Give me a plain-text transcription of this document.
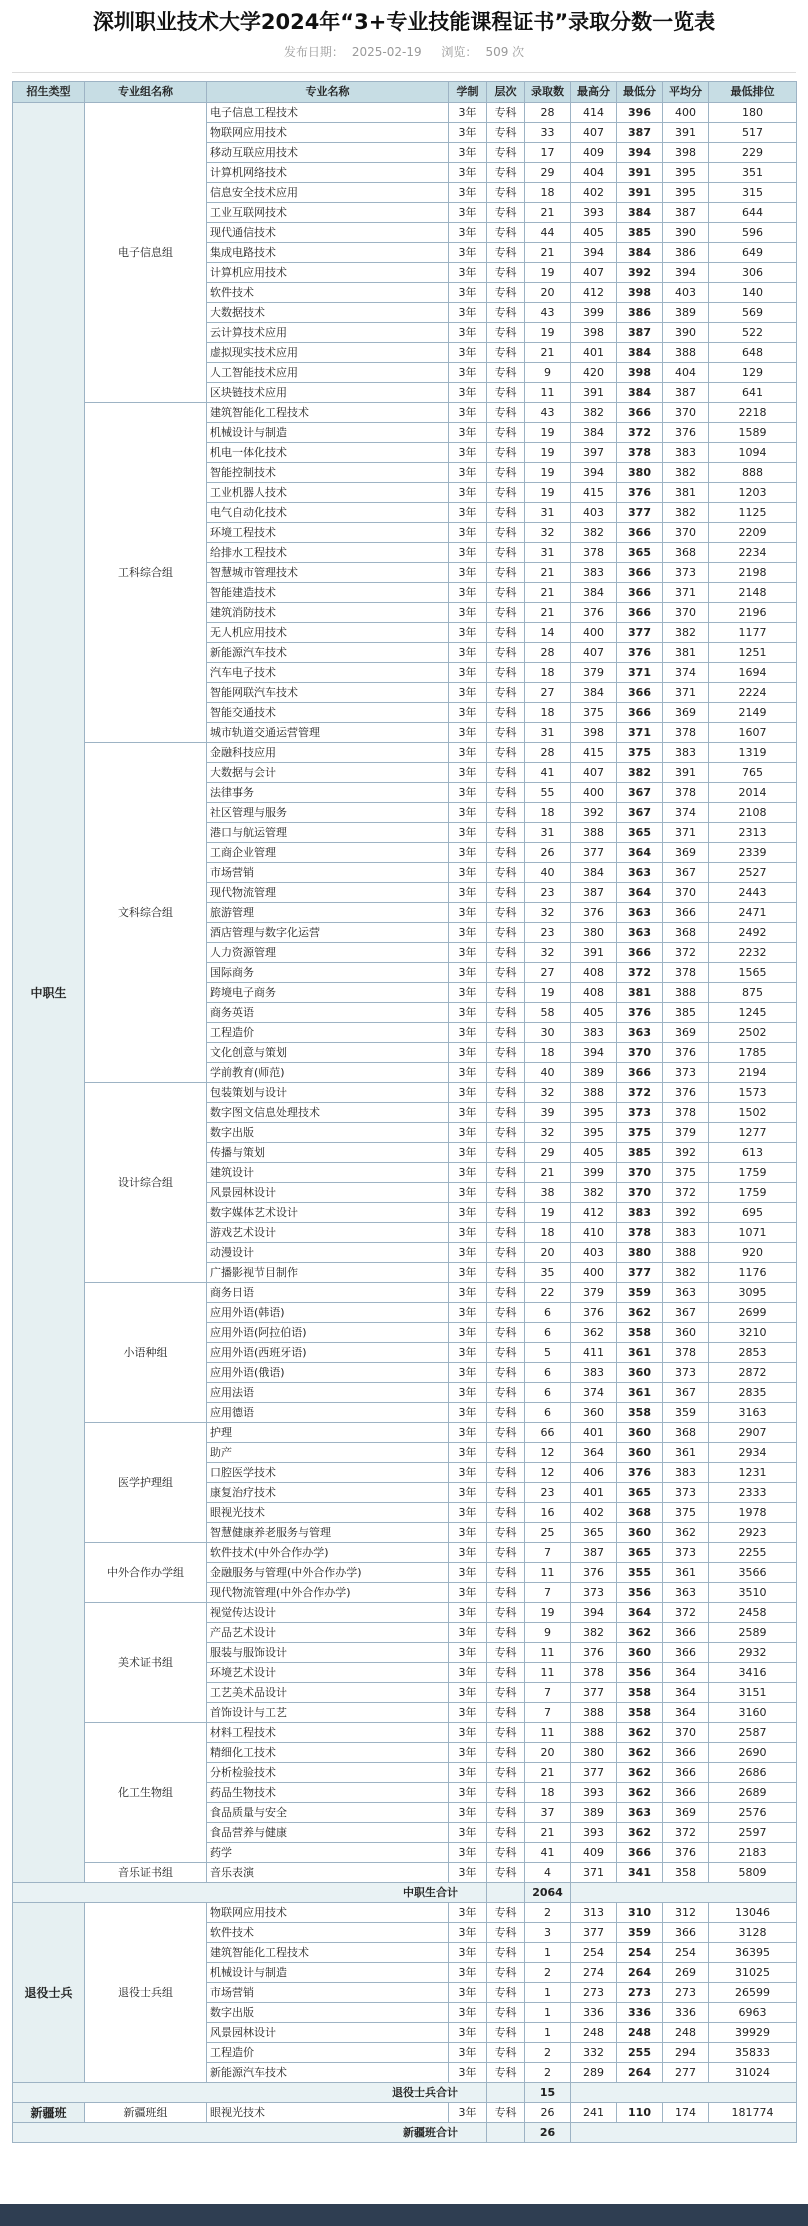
深圳职业技术大学2024年“3+专业技能课程证书”录取分数一览表
发布日期： 2025-02-19 浏览： 509 次
招生类型	专业组名称	专业名称	学制	层次	录取数	最高分	最低分	平均分	最低排位
中职生	电子信息组	电子信息工程技术	3年	专科	28	414	396	400	180
		物联网应用技术	3年	专科	33	407	387	391	517
		移动互联应用技术	3年	专科	17	409	394	398	229
		计算机网络技术	3年	专科	29	404	391	395	351
		信息安全技术应用	3年	专科	18	402	391	395	315
		工业互联网技术	3年	专科	21	393	384	387	644
		现代通信技术	3年	专科	44	405	385	390	596
		集成电路技术	3年	专科	21	394	384	386	649
		计算机应用技术	3年	专科	19	407	392	394	306
		软件技术	3年	专科	20	412	398	403	140
		大数据技术	3年	专科	43	399	386	389	569
		云计算技术应用	3年	专科	19	398	387	390	522
		虚拟现实技术应用	3年	专科	21	401	384	388	648
		人工智能技术应用	3年	专科	9	420	398	404	129
		区块链技术应用	3年	专科	11	391	384	387	641
	工科综合组	建筑智能化工程技术	3年	专科	43	382	366	370	2218
		机械设计与制造	3年	专科	19	384	372	376	1589
		机电一体化技术	3年	专科	19	397	378	383	1094
		智能控制技术	3年	专科	19	394	380	382	888
		工业机器人技术	3年	专科	19	415	376	381	1203
		电气自动化技术	3年	专科	31	403	377	382	1125
		环境工程技术	3年	专科	32	382	366	370	2209
		给排水工程技术	3年	专科	31	378	365	368	2234
		智慧城市管理技术	3年	专科	21	383	366	373	2198
		智能建造技术	3年	专科	21	384	366	371	2148
		建筑消防技术	3年	专科	21	376	366	370	2196
		无人机应用技术	3年	专科	14	400	377	382	1177
		新能源汽车技术	3年	专科	28	407	376	381	1251
		汽车电子技术	3年	专科	18	379	371	374	1694
		智能网联汽车技术	3年	专科	27	384	366	371	2224
		智能交通技术	3年	专科	18	375	366	369	2149
		城市轨道交通运营管理	3年	专科	31	398	371	378	1607
	文科综合组	金融科技应用	3年	专科	28	415	375	383	1319
		大数据与会计	3年	专科	41	407	382	391	765
		法律事务	3年	专科	55	400	367	378	2014
		社区管理与服务	3年	专科	18	392	367	374	2108
		港口与航运管理	3年	专科	31	388	365	371	2313
		工商企业管理	3年	专科	26	377	364	369	2339
		市场营销	3年	专科	40	384	363	367	2527
		现代物流管理	3年	专科	23	387	364	370	2443
		旅游管理	3年	专科	32	376	363	366	2471
		酒店管理与数字化运营	3年	专科	23	380	363	368	2492
		人力资源管理	3年	专科	32	391	366	372	2232
		国际商务	3年	专科	27	408	372	378	1565
		跨境电子商务	3年	专科	19	408	381	388	875
		商务英语	3年	专科	58	405	376	385	1245
		工程造价	3年	专科	30	383	363	369	2502
		文化创意与策划	3年	专科	18	394	370	376	1785
		学前教育(师范)	3年	专科	40	389	366	373	2194
	设计综合组	包装策划与设计	3年	专科	32	388	372	376	1573
		数字图文信息处理技术	3年	专科	39	395	373	378	1502
		数字出版	3年	专科	32	395	375	379	1277
		传播与策划	3年	专科	29	405	385	392	613
		建筑设计	3年	专科	21	399	370	375	1759
		风景园林设计	3年	专科	38	382	370	372	1759
		数字媒体艺术设计	3年	专科	19	412	383	392	695
		游戏艺术设计	3年	专科	18	410	378	383	1071
		动漫设计	3年	专科	20	403	380	388	920
		广播影视节目制作	3年	专科	35	400	377	382	1176
	小语种组	商务日语	3年	专科	22	379	359	363	3095
		应用外语(韩语)	3年	专科	6	376	362	367	2699
		应用外语(阿拉伯语)	3年	专科	6	362	358	360	3210
		应用外语(西班牙语)	3年	专科	5	411	361	378	2853
		应用外语(俄语)	3年	专科	6	383	360	373	2872
		应用法语	3年	专科	6	374	361	367	2835
		应用德语	3年	专科	6	360	358	359	3163
	医学护理组	护理	3年	专科	66	401	360	368	2907
		助产	3年	专科	12	364	360	361	2934
		口腔医学技术	3年	专科	12	406	376	383	1231
		康复治疗技术	3年	专科	23	401	365	373	2333
		眼视光技术	3年	专科	16	402	368	375	1978
		智慧健康养老服务与管理	3年	专科	25	365	360	362	2923
	中外合作办学组	软件技术(中外合作办学)	3年	专科	7	387	365	373	2255
		金融服务与管理(中外合作办学)	3年	专科	11	376	355	361	3566
		现代物流管理(中外合作办学)	3年	专科	7	373	356	363	3510
	美术证书组	视觉传达设计	3年	专科	19	394	364	372	2458
		产品艺术设计	3年	专科	9	382	362	366	2589
		服装与服饰设计	3年	专科	11	376	360	366	2932
		环境艺术设计	3年	专科	11	378	356	364	3416
		工艺美术品设计	3年	专科	7	377	358	364	3151
		首饰设计与工艺	3年	专科	7	388	358	364	3160
	化工生物组	材料工程技术	3年	专科	11	388	362	370	2587
		精细化工技术	3年	专科	20	380	362	366	2690
		分析检验技术	3年	专科	21	377	362	366	2686
		药品生物技术	3年	专科	18	393	362	366	2689
		食品质量与安全	3年	专科	37	389	363	369	2576
		食品营养与健康	3年	专科	21	393	362	372	2597
		药学	3年	专科	41	409	366	376	2183
	音乐证书组	音乐表演	3年	专科	4	371	341	358	5809
中职生合计					2064				
退役士兵	退役士兵组	物联网应用技术	3年	专科	2	313	310	312	13046
		软件技术	3年	专科	3	377	359	366	3128
		建筑智能化工程技术	3年	专科	1	254	254	254	36395
		机械设计与制造	3年	专科	2	274	264	269	31025
		市场营销	3年	专科	1	273	273	273	26599
		数字出版	3年	专科	1	336	336	336	6963
		风景园林设计	3年	专科	1	248	248	248	39929
		工程造价	3年	专科	2	332	255	294	35833
		新能源汽车技术	3年	专科	2	289	264	277	31024
退役士兵合计					15				
新疆班	新疆班组	眼视光技术	3年	专科	26	241	110	174	181774
新疆班合计					26				
